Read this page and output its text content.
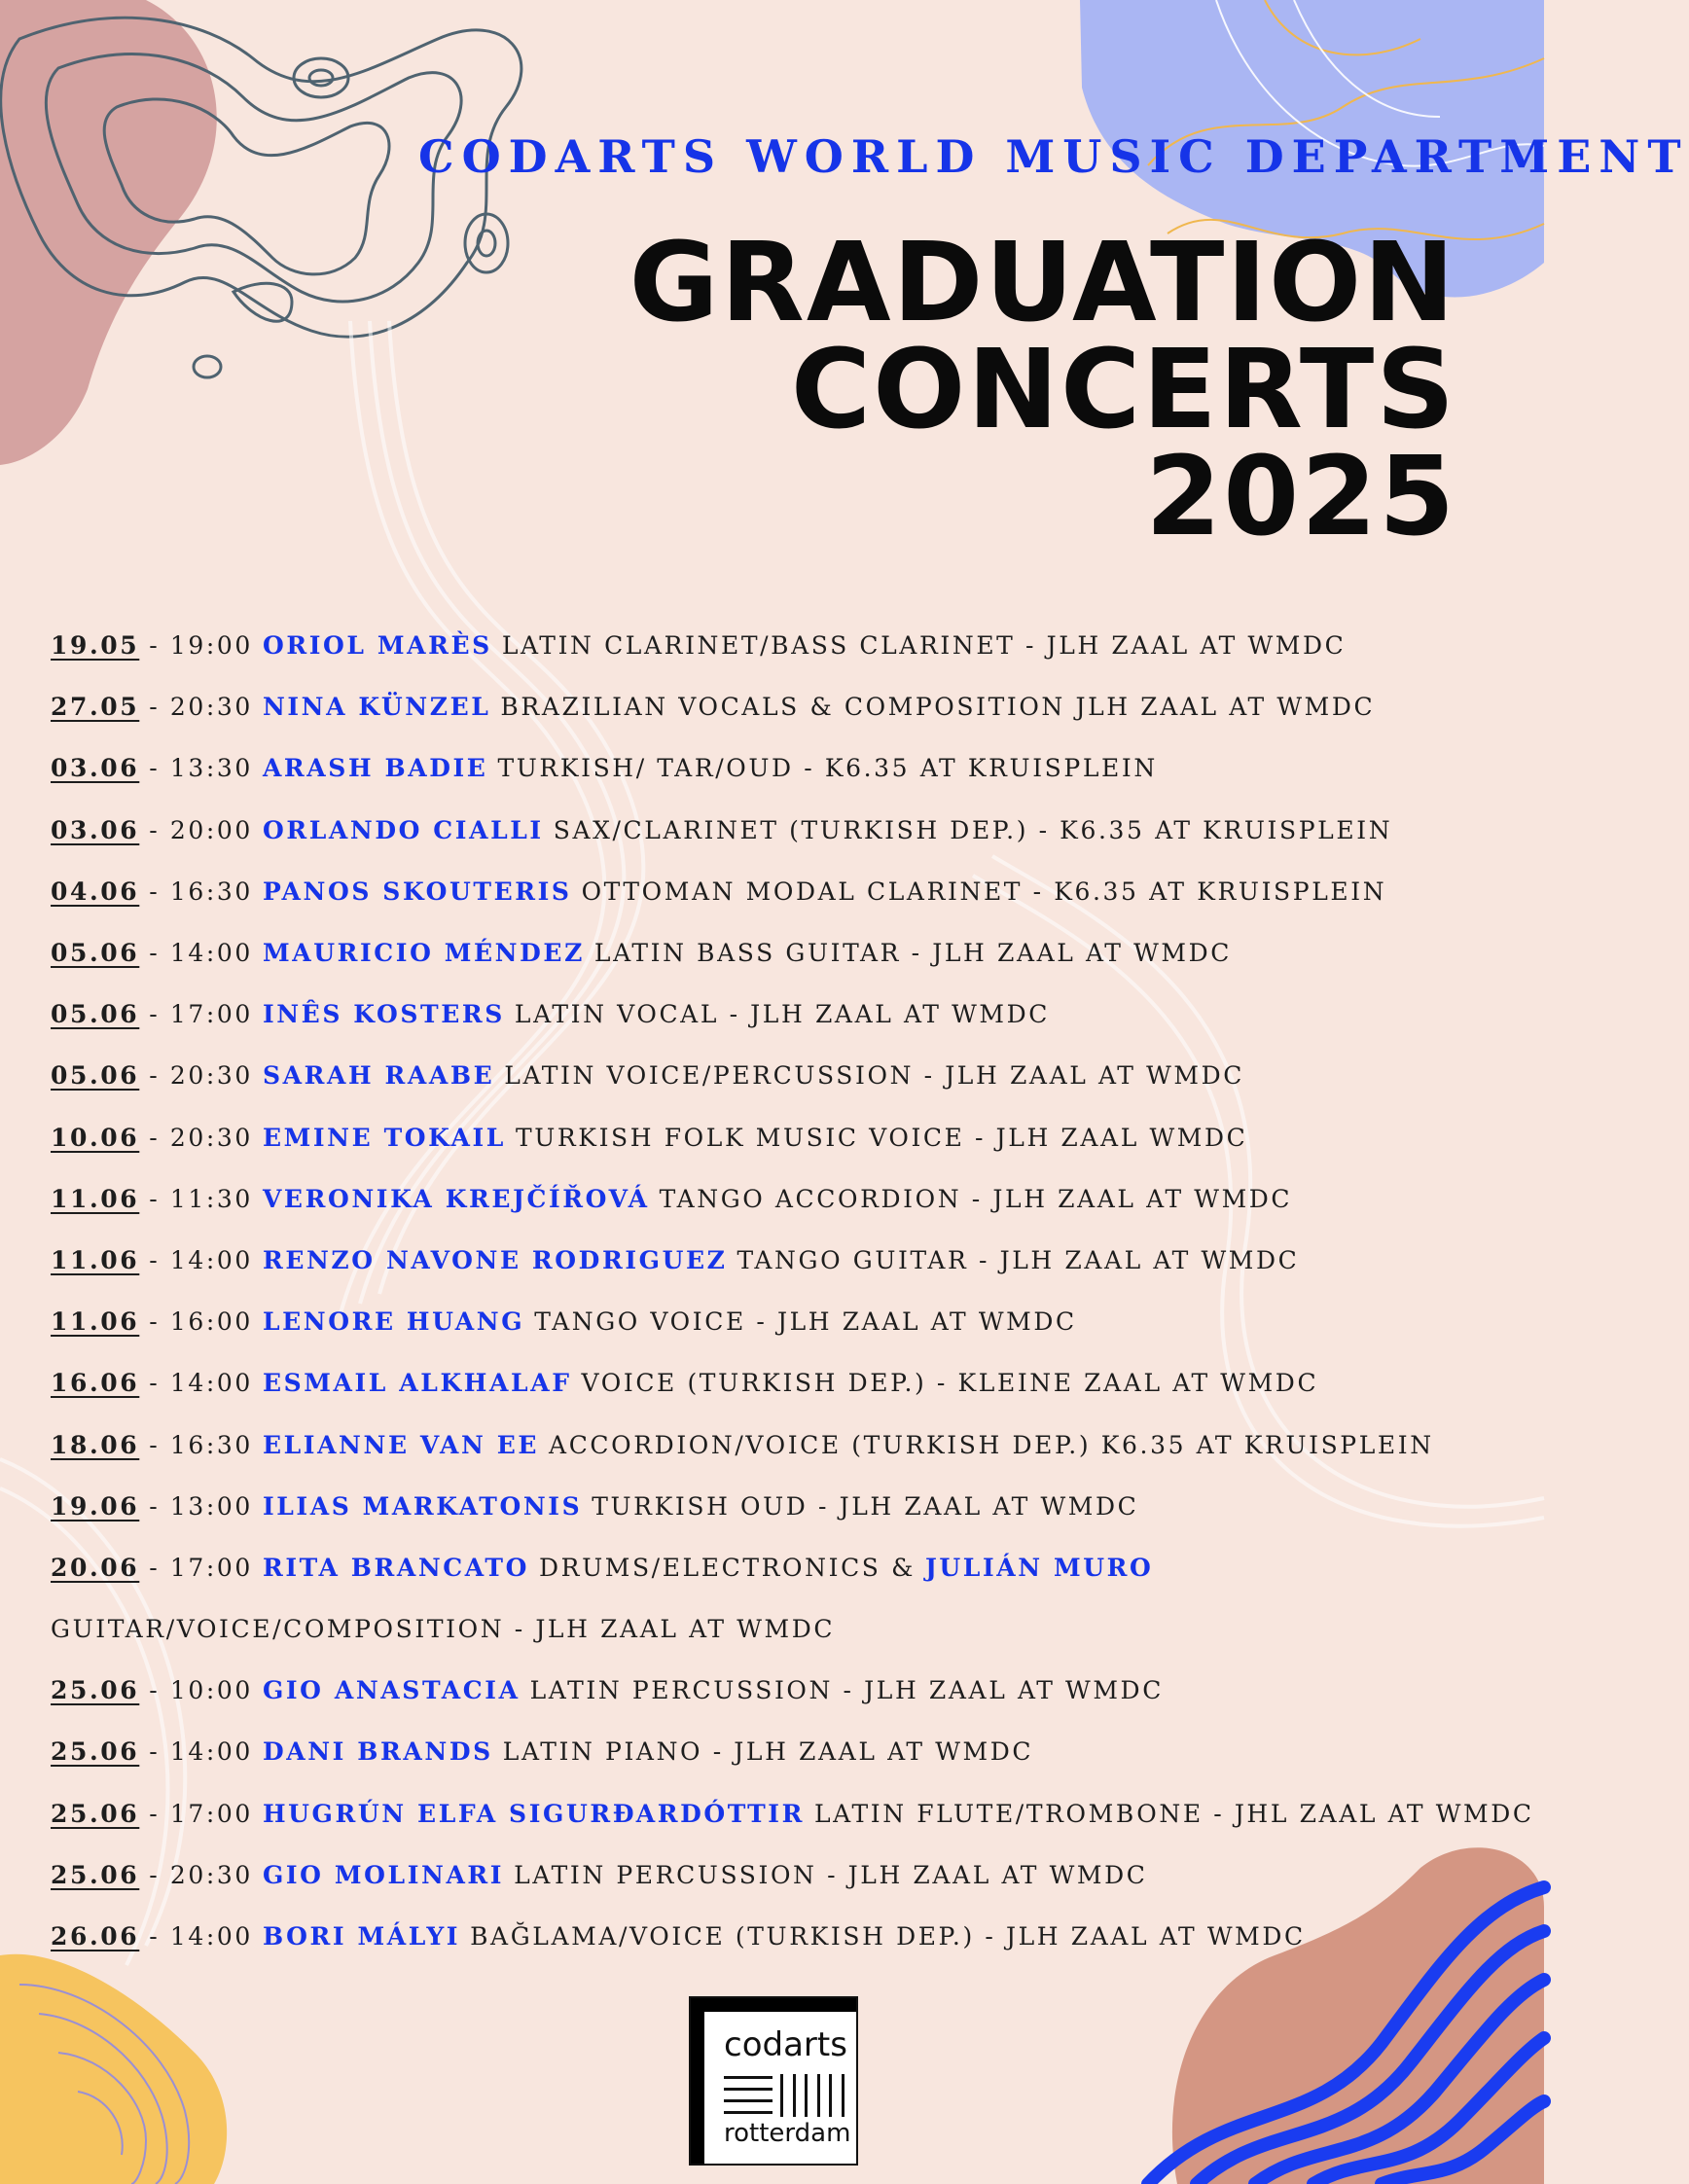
CODARTS WORLD MUSIC DEPARTMENT
GRADUATION
CONCERTS
2025
19.05 - 19:00 ORIOL MARÈS LATIN CLARINET/BASS CLARINET - JLH ZAAL AT WMDC
27.05 - 20:30 NINA KÜNZEL BRAZILIAN VOCALS & COMPOSITION JLH ZAAL AT WMDC
03.06 - 13:30 ARASH BADIE TURKISH/ TAR/OUD - K6.35 AT KRUISPLEIN
03.06 - 20:00 ORLANDO CIALLI SAX/CLARINET (TURKISH DEP.) - K6.35 AT KRUISPLEIN
04.06 - 16:30 PANOS SKOUTERIS OTTOMAN MODAL CLARINET - K6.35 AT KRUISPLEIN
05.06 - 14:00 MAURICIO MÉNDEZ LATIN BASS GUITAR - JLH ZAAL AT WMDC
05.06 - 17:00 INÊS KOSTERS LATIN VOCAL - JLH ZAAL AT WMDC
05.06 - 20:30 SARAH RAABE LATIN VOICE/PERCUSSION - JLH ZAAL AT WMDC
10.06 - 20:30 EMINE TOKAIL TURKISH FOLK MUSIC VOICE - JLH ZAAL WMDC
11.06 - 11:30 VERONIKA KREJČÍŘOVÁ TANGO ACCORDION - JLH ZAAL AT WMDC
11.06 - 14:00 RENZO NAVONE RODRIGUEZ TANGO GUITAR - JLH ZAAL AT WMDC
11.06 - 16:00 LENORE HUANG TANGO VOICE - JLH ZAAL AT WMDC
16.06 - 14:00 ESMAIL ALKHALAF VOICE (TURKISH DEP.) - KLEINE ZAAL AT WMDC
18.06 - 16:30 ELIANNE VAN EE ACCORDION/VOICE (TURKISH DEP.) K6.35 AT KRUISPLEIN
19.06 - 13:00 ILIAS MARKATONIS TURKISH OUD - JLH ZAAL AT WMDC
20.06 - 17:00 RITA BRANCATO DRUMS/ELECTRONICS & JULIÁN MURO
GUITAR/VOICE/COMPOSITION - JLH ZAAL AT WMDC
25.06 - 10:00 GIO ANASTACIA LATIN PERCUSSION - JLH ZAAL AT WMDC
25.06 - 14:00 DANI BRANDS LATIN PIANO - JLH ZAAL AT WMDC
25.06 - 17:00 HUGRÚN ELFA SIGURÐARDÓTTIR LATIN FLUTE/TROMBONE - JHL ZAAL AT WMDC
25.06 - 20:30 GIO MOLINARI LATIN PERCUSSION - JLH ZAAL AT WMDC
26.06 - 14:00 BORI MÁLYI BAĞLAMA/VOICE (TURKISH DEP.) - JLH ZAAL AT WMDC
codarts
rotterdam
